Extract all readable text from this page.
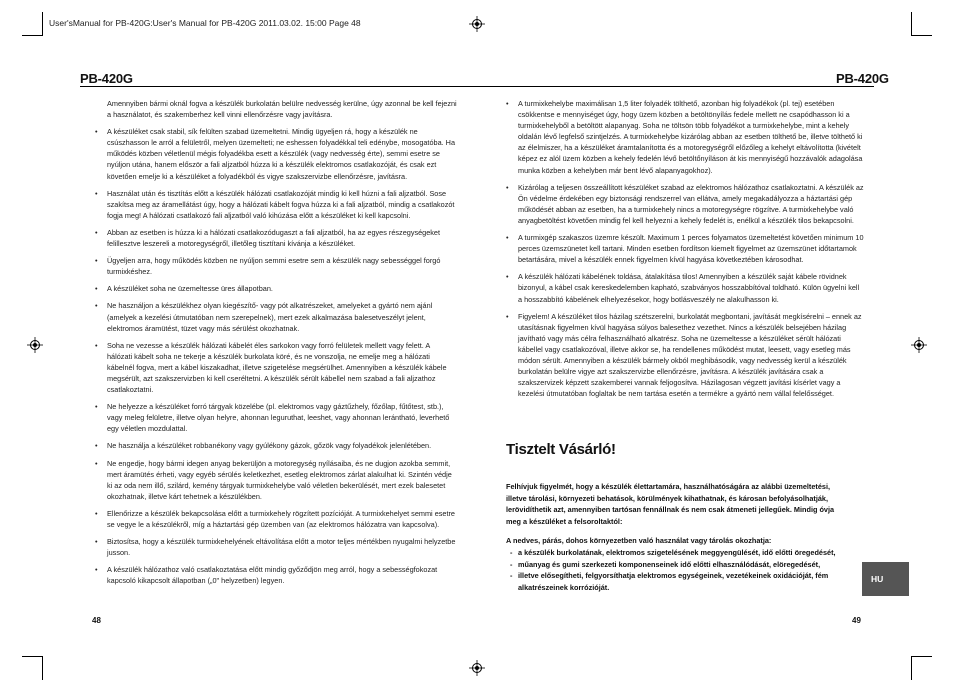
User'sManual for PB-420G:User's Manual for PB-420G 2011.03.02. 15:00 Page 48
PB-420G

Amennyiben bármi oknál fogva a készülék burkolatán belülre nedvesség kerülne, úgy azonnal be kell fejezni a használatot, és szakemberhez kell vinni ellenőrzésre vagy javításra.

• A készüléket csak stabil, sík felülten szabad üzemeltetni. Mindig ügyeljen rá, hogy a készülék ne csúszhasson le arról a felületről, melyen üzemelteti; ne eshessen folyadékkal teli edénybe, mosogatóba. Ha működés közben véletlenül mégis folyadékba esett a készülék (vagy nedvesség érte), semmi esetre se nyúljon utána, hanem először a fali aljzatból húzza ki a készülék elektromos csatlakozóját, és csak ezt követően emelje ki a készüléket a folyadékból és vigye szakszervizbe ellenőrzésre, javításra.
• Használat után és tisztítás előtt a készülék hálózati csatlakozóját mindig ki kell húzni a fali aljzatból. Sose szakítsa meg az áramellátást úgy, hogy a hálózati kábelt fogva húzza ki a fali aljzatból, mindig a csatlakozót fogja meg! A hálózati csatlakozó fali aljzatból való kihúzása előtt a készüléket ki kell kapcsolni.
• Abban az esetben is húzza ki a hálózati csatlakozódugaszt a fali aljzatból, ha az egyes részegységeket felillesztve leszereli a motoregységről, illetőleg tisztítani kívánja a készüléket.
• Ügyeljen arra, hogy működés közben ne nyúljon semmi esetre sem a készülék nagy sebességgel forgó turmixkéshez.
• A készüléket soha ne üzemeltesse üres állapotban.
• Ne használjon a készülékhez olyan kiegészítő- vagy pót alkatrészeket, amelyeket a gyártó nem ajánl (amelyek a kezelési útmutatóban nem szerepelnek), mert ezek alkalmazása balesetveszélyt jelent, elektromos áramütést, tüzet vagy más sérülést okozhatnak.
• Soha ne vezesse a készülék hálózati kábelét éles sarkokon vagy forró felületek mellett vagy felett. A hálózati kábelt soha ne tekerje a készülék burkolata köré, és ne vonszolja, ne emelje meg a hálózati kábelnél fogva, mert a kábel kiszakadhat, illetve szigetelése megsérülhet. Amennyiben a készülék kábele megsérült, azt szakszervizben ki kell cseréltetni. A készülék sérült kábellel nem szabad a fali aljzathoz csatlakoztatni.
• Ne helyezze a készüléket forró tárgyak közelébe (pl. elektromos vagy gáztűzhely, főzőlap, fűtőtest, stb.), vagy meleg felületre, illetve olyan helyre, ahonnan leguruthat, leeshet, vagy ahonnan lerántható, leverhető egy véletlen mozdulattal.
• Ne használja a készüléket robbanékony vagy gyúlékony gázok, gőzök vagy folyadékok jelenlétében.
• Ne engedje, hogy bármi idegen anyag bekerüljön a motoregység nyílásaiba, és ne dugjon azokba semmit, mert áramütés érheti, vagy egyéb sérülés keletkezhet, esetleg elektromos zárlat alakulhat ki. Szintén védje ki az oda nem illő, szilárd, kemény tárgyak turmixkehelybe való véletlen bekerülését, mert ezek balesetet okozhatnak, illetve kárt tehetnek a készülékben.
• Ellenőrizze a készülék bekapcsolása előtt a turmixkehely rögzített pozícióját. A turmixkehelyet semmi esetre se vegye le a készülékről, míg a háztartási gép üzemben van (az elektromos hálózatra van kapcsolva).
• Biztosítsa, hogy a készülék turmixkehelyének eltávolítása előtt a motor teljes mértékben nyugalmi helyzetbe jusson.
• A készülék hálózathoz való csatlakoztatása előtt mindig győződjön meg arról, hogy a sebességfokozat kapcsoló kikapcsolt állapotban („0" helyzetben) legyen.
48
PB-420G
• A turmixkehelybe maximálisan 1,5 liter folyadék tölthető, azonban hig folyadékok (pl. tej) esetében csökkentse e mennyiséget úgy, hogy üzem közben a betöltönyílás fedele mellett ne csapódhasson ki a turmixkehelyből a betöltött alapanyag. Soha ne töltsön több folyadékot a turmixkehelybe, mint a kehely oldalán lévő legfelső szintjelzés. A turmixkehelybe kizárólag abban az esetben tölthető be, illetve tölthető ki az élelmiszer, ha a készüléket áramtalanította és a motoregységről előzőleg a kehelyt eltávolította (kivételt képez ez alól üzem közben a kehely fedelén lévő betöltőnyíláson át kis mennyiségű hozzávalók adagolása munka közben a kehelyben már bent lévő alapanyagokhoz).
• Kizárólag a teljesen összeállított készüléket szabad az elektromos hálózathoz csatlakoztatni. A készülék az Ön védelme érdekében egy biztonsági rendszerrel van ellátva, amely megakadályozza a háztartási gép működését abban az esetben, ha a turmixkehely nincs a motoregységre rögzítve. A turmixkehelybe való anyagbetöltést követően mindig fel kell helyezni a kehely fedelét is, enélkül a készülék tilos bekapcsolni.
• A turmixgép szakaszos üzemre készült. Maximum 1 perces folyamatos üzemeltetést követően minimum 10 perces üzemszünetet kell tartani. Minden esetben fordítson kiemelt figyelmet az üzemszünet időtartamok betartására, mivel a készülék ennek figyelmen kívül hagyása következtében károsodhat.
• A készülék hálózati kábelének toldása, átalakítása tilos! Amennyiben a készülék saját kábele rövidnek bizonyul, a kábel csak kereskedelemben kapható, szabványos hosszabbítóval toldható. Külön ügyelni kell a hosszabbító kábelének elhelyezésekor, hogy botlásveszély ne alakulhasson ki.
• Figyelem! A készüléket tilos házilag szétszerelni, burkolatát megbontani, javítását megkísérelni – ennek az utasításnak figyelmen kívül hagyása súlyos balesethez vezethet. Nincs a készülék belsejében házilag javítható vagy más célra felhasználható alkatrész. Soha ne üzemeltesse a készüléket sérült hálózati kábellel vagy csatlakozóval, illetve akkor se, ha rendellenes működést mutat, leesett, vagy esetleg más módon sérült. Amennyiben a készülék bármely okból meghibásodik, vagy nedvesség kerül a készülék burkolatán belülre vigye azt szakszervizbe ellenőrzésre, javításra. A készülék javítására csak a szakszervizek képzett szakemberei vannak feljogosítva. Házilagosan végzett javítási kísérlet vagy a kezelési útmutatóban foglaltak be nem tartása esetén a termékre a gyártó nem vállal felelősséget.
Tisztelt Vásárló!

Felhívjuk figyelmét, hogy a készülék élettartamára, használhatóságára az alábbi üzemeltetési, illetve tárolási, környezeti behatások, körülmények kihathatnak, és károsan befolyásolhatják, lerövidíthetik azt, amennyiben tartósan fennállnak és nem csak átmeneti jellegűek. Mindig óvja meg a készüléket a felsoroltaktól:

A nedves, párás, dohos környezetben való használat vagy tárolás okozhatja:
- a készülék burkolatának, elektromos szigetelésének meggyengülését, idő előtti öregedését,
- műanyag és gumi szerkezeti komponenseinek idő előtti elhasználódását, elöregedését,
- illetve elősegítheti, felgyorsíthatja elektromos egységeinek, vezetékeinek oxidációját, fém alkatrészeinek korrózióját.
HU
49
